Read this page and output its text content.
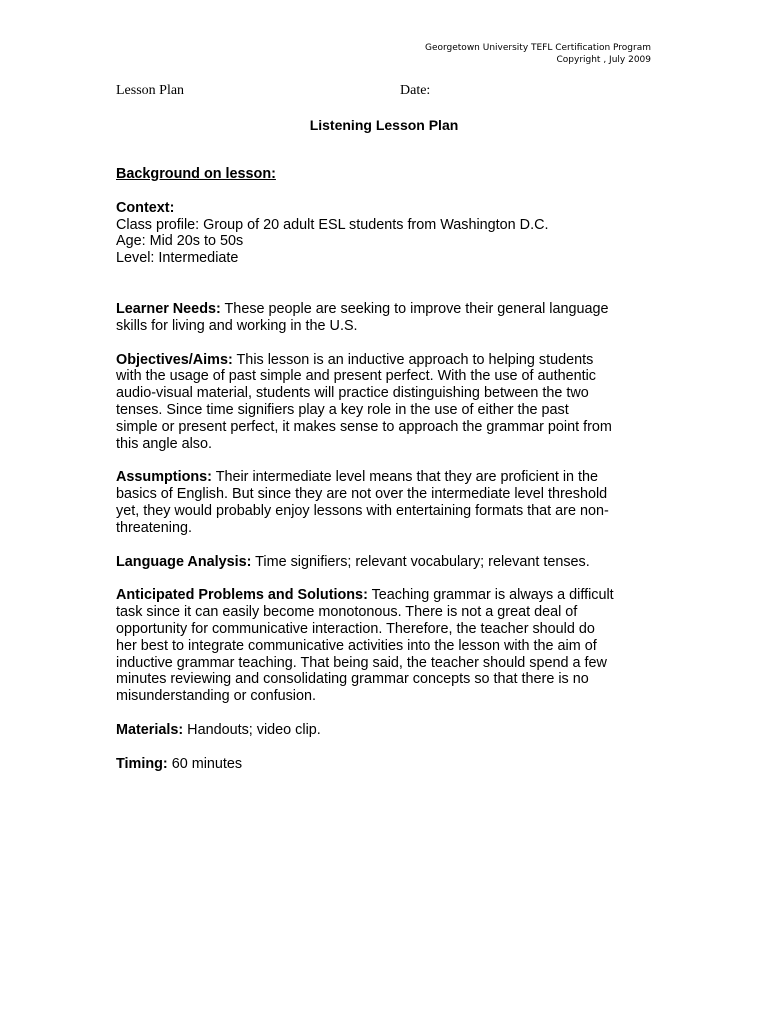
Georgetown University TEFL Certification Program
Copyright , July 2009
Lesson Plan	Date:
Listening Lesson Plan

Background on lesson:

Context:

Class profile: Group of 20 adult ESL students from Washington D.C.

Age: Mid 20s to 50s

Level: Intermediate

Learner Needs: These people are seeking to improve their general language

skills for living and working in the U.S.

Objectives/Aims: This lesson is an inductive approach to helping students

with the usage of past simple and present perfect. With the use of authentic

audio-visual material, students will practice distinguishing between the two

tenses. Since time signifiers play a key role in the use of either the past

simple or present perfect, it makes sense to approach the grammar point from

this angle also.

Assumptions: Their intermediate level means that they are proficient in the

basics of English. But since they are not over the intermediate level threshold

yet, they would probably enjoy lessons with entertaining formats that are non-

threatening.

Language Analysis: Time signifiers; relevant vocabulary; relevant tenses.

Anticipated Problems and Solutions: Teaching grammar is always a difficult

task since it can easily become monotonous. There is not a great deal of

opportunity for communicative interaction. Therefore, the teacher should do

her best to integrate communicative activities into the lesson with the aim of

inductive grammar teaching. That being said, the teacher should spend a few

minutes reviewing and consolidating grammar concepts so that there is no

misunderstanding or confusion.

Materials: Handouts; video clip.

Timing: 60 minutes
